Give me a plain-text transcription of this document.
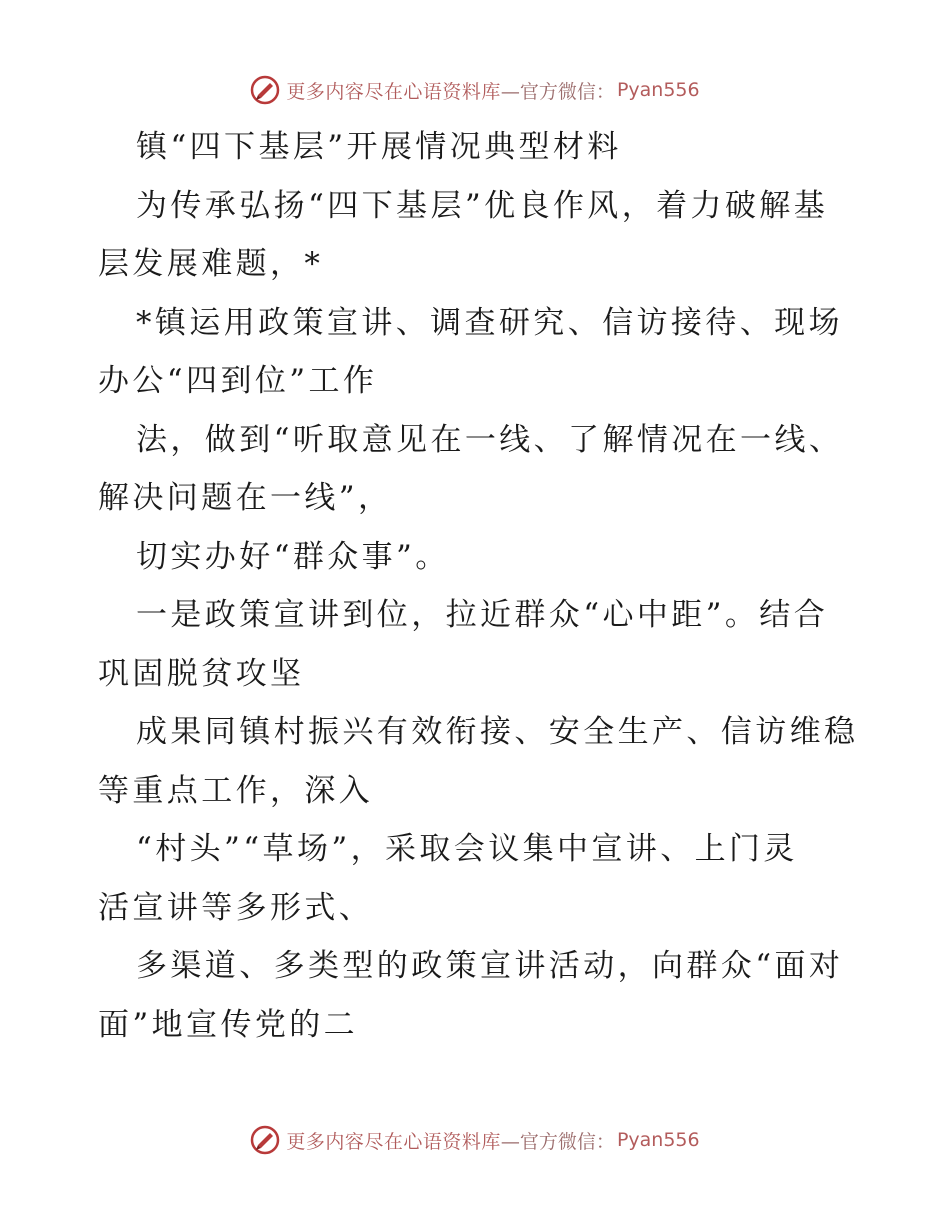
更多内容尽在心语资料库 —官方微信： Pyan556
镇“四下基层”开展情况典型材料
为传承弘扬“四下基层”优良作风，着力破解基
层发展难题，*
*镇运用政策宣讲、调查研究、信访接待、现场
办公“四到位”工作
法，做到“听取意见在一线、了解情况在一线、
解决问题在一线”，
切实办好“群众事”。
一是政策宣讲到位，拉近群众“心中距”。结合
巩固脱贫攻坚
成果同镇村振兴有效衔接、安全生产、信访维稳
等重点工作，深入
“村头”“草场”，采取会议集中宣讲、上门灵
活宣讲等多形式、
多渠道、多类型的政策宣讲活动，向群众“面对
面”地宣传党的二
更多内容尽在心语资料库 —官方微信： Pyan556
